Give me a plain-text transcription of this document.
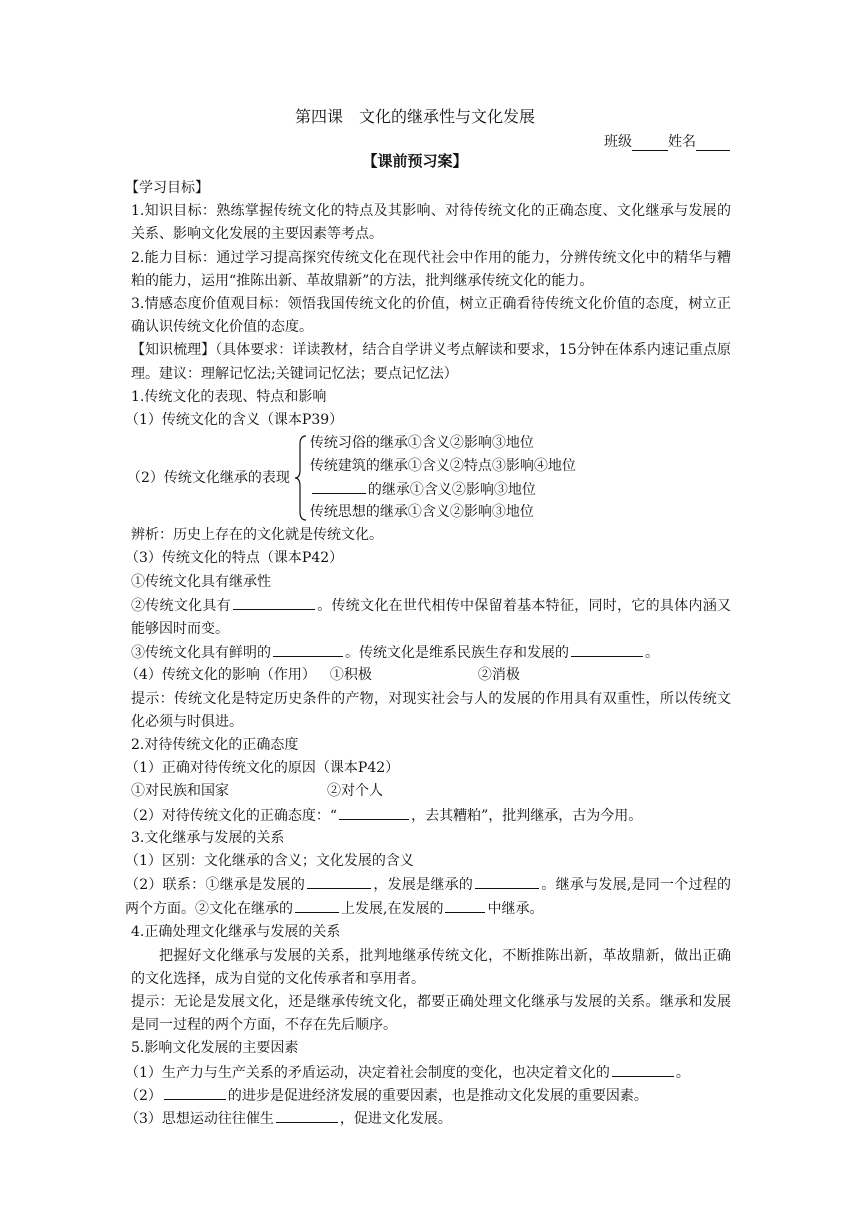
第四课　文化的继承性与文化发展
班级	姓名
【课前预习案】
【学习目标】
1.知识目标：熟练掌握传统文化的特点及其影响、对待传统文化的正确态度、文化继承与发展的关系、影响文化发展的主要因素等考点。
2.能力目标：通过学习提高探究传统文化在现代社会中作用的能力，分辨传统文化中的精华与糟粕的能力，运用“推陈出新、革故鼎新”的方法，批判继承传统文化的能力。
3.情感态度价值观目标：领悟我国传统文化的价值，树立正确看待传统文化价值的态度，树立正确认识传统文化价值的态度。
【知识梳理】（具体要求：详读教材，结合自学讲义考点解读和要求，15分钟在体系内速记重点原理。建议：理解记忆法;关键词记忆法；要点记忆法）
1.传统文化的表现、特点和影响
（1）传统文化的含义（课本P39）
（2）传统文化继承的表现
传统习俗的继承①含义②影响③地位
传统建筑的继承①含义②特点③影响④地位
的继承①含义②影响③地位
传统思想的继承①含义②影响③地位
辨析：历史上存在的文化就是传统文化。
（3）传统文化的特点（课本P42）
①传统文化具有继承性
②传统文化具有	。传统文化在世代相传中保留着基本特征，同时，它的具体内涵又能够因时而变。
③传统文化具有鲜明的	。传统文化是维系民族生存和发展的	。
（4）传统文化的影响（作用） ①积极	②消极
提示：传统文化是特定历史条件的产物，对现实社会与人的发展的作用具有双重性，所以传统文化必须与时俱进。
2.对待传统文化的正确态度
（1）正确对待传统文化的原因（课本P42）
①对民族和国家	②对个人
（2）对待传统文化的正确态度：“	，去其糟粕”，批判继承，古为今用。
3.文化继承与发展的关系
（1）区别：文化继承的含义；文化发展的含义
（2）联系：①继承是发展的	，发展是继承的	。继承与发展,是同一个过程的两个方面。②文化在继承的	上发展,在发展的	中继承。
4.正确处理文化继承与发展的关系
把握好文化继承与发展的关系，批判地继承传统文化，不断推陈出新，革故鼎新，做出正确的文化选择，成为自觉的文化传承者和享用者。
提示：无论是发展文化，还是继承传统文化，都要正确处理文化继承与发展的关系。继承和发展是同一过程的两个方面，不存在先后顺序。
5.影响文化发展的主要因素
（1）生产力与生产关系的矛盾运动，决定着社会制度的变化，也决定着文化的	。
（2）	的进步是促进经济发展的重要因素，也是推动文化发展的重要因素。
（3）思想运动往往催生	，促进文化发展。
